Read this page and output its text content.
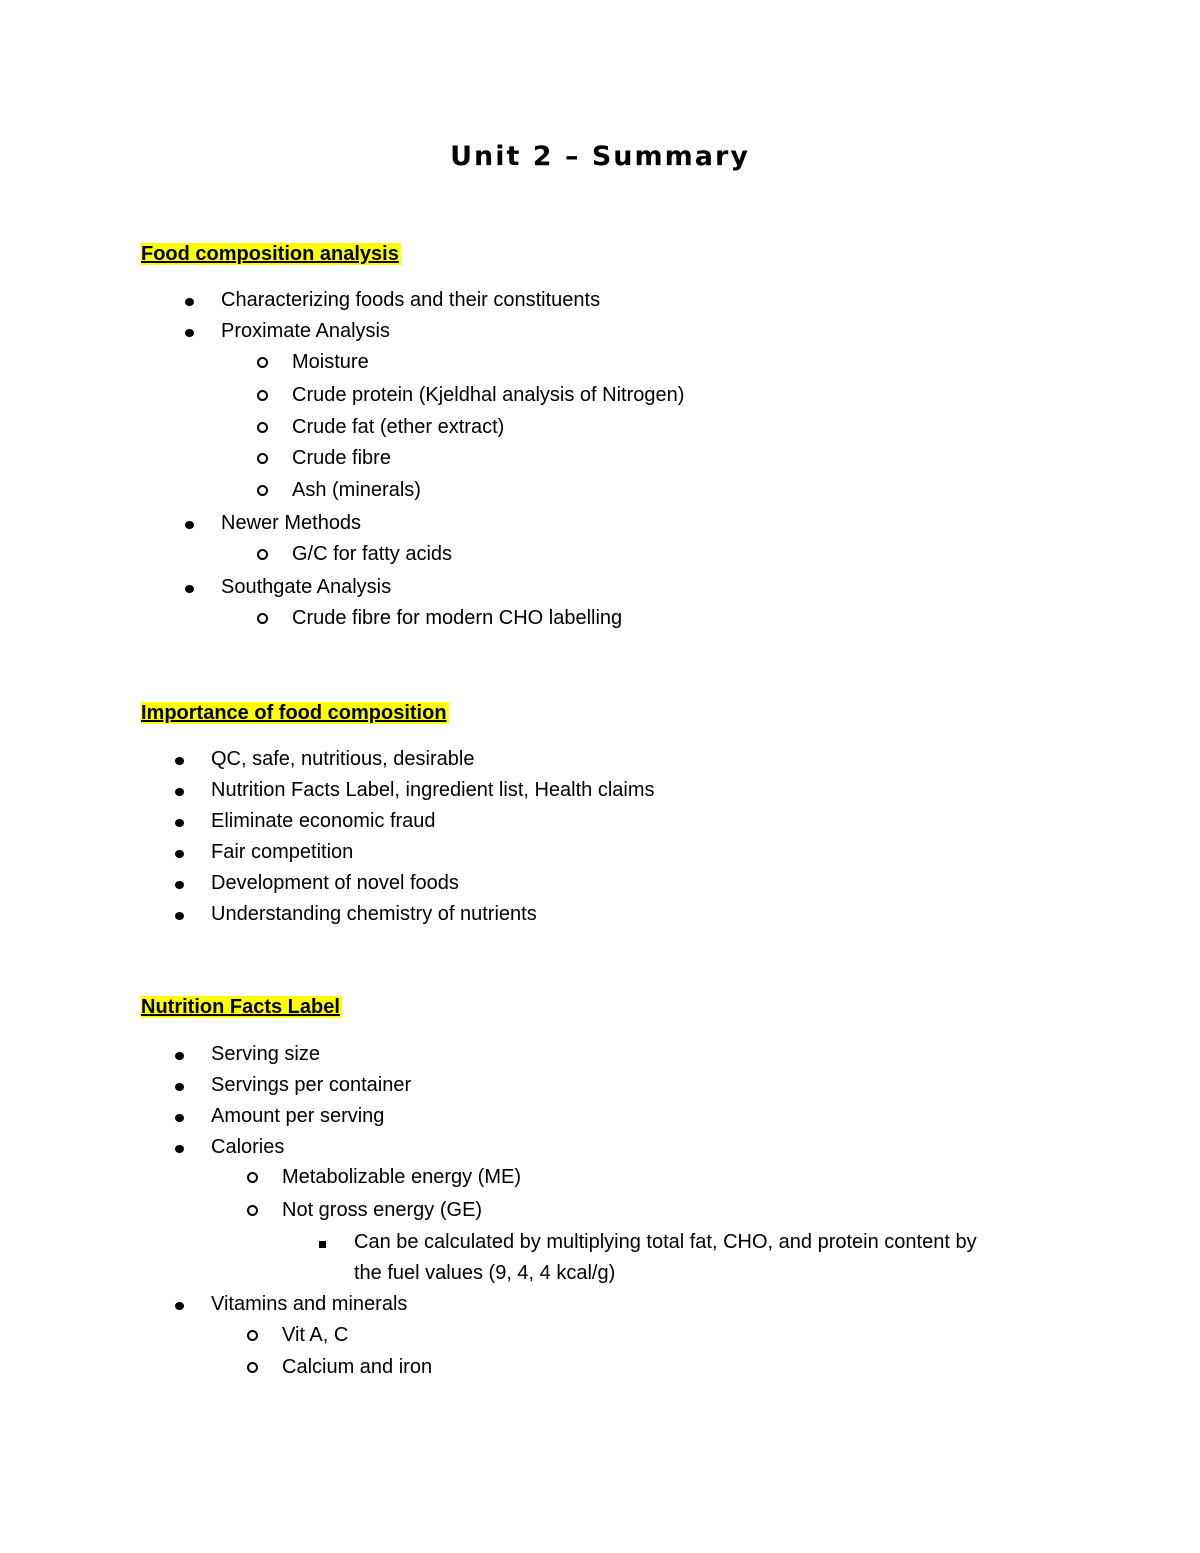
Unit 2 – Summary
Food composition analysis
Characterizing foods and their constituents
Proximate Analysis
Moisture
Crude protein (Kjeldhal analysis of Nitrogen)
Crude fat (ether extract)
Crude fibre
Ash (minerals)
Newer Methods
G/C for fatty acids
Southgate Analysis
Crude fibre for modern CHO labelling
Importance of food composition
QC, safe, nutritious, desirable
Nutrition Facts Label, ingredient list, Health claims
Eliminate economic fraud
Fair competition
Development of novel foods
Understanding chemistry of nutrients
Nutrition Facts Label
Serving size
Servings per container
Amount per serving
Calories
Metabolizable energy (ME)
Not gross energy (GE)
Can be calculated by multiplying total fat, CHO, and protein content by
the fuel values (9, 4, 4 kcal/g)
Vitamins and minerals
Vit A, C
Calcium and iron
